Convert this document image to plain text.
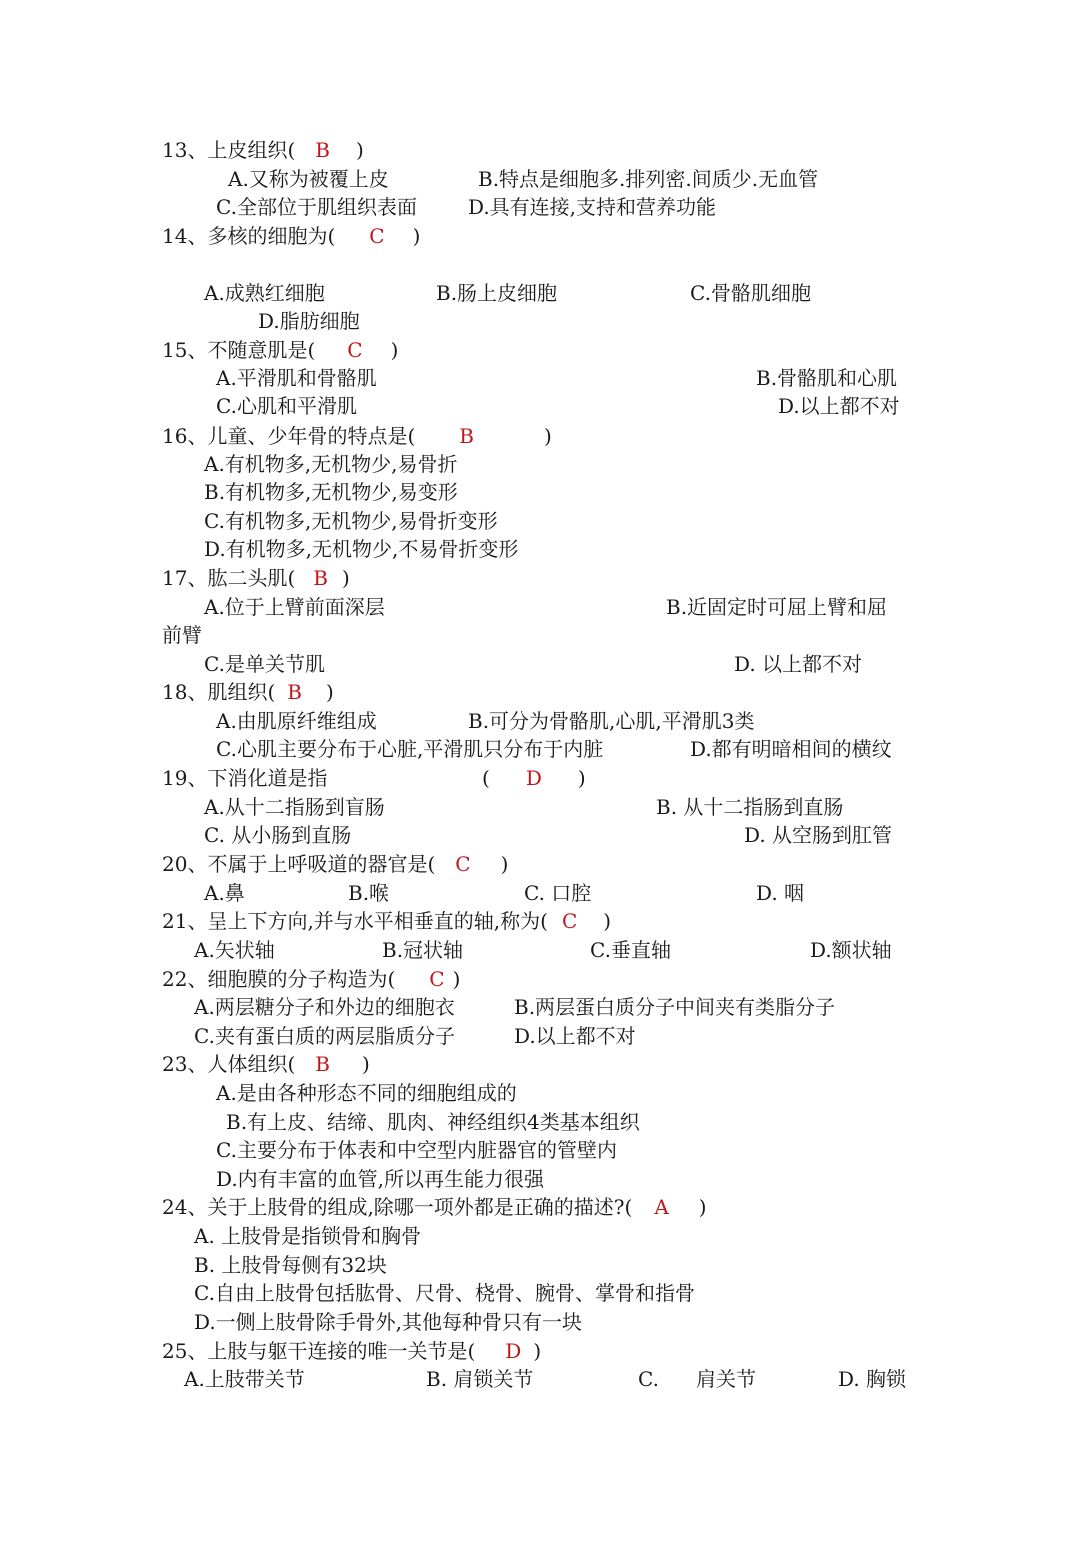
13、上皮组织( B )
A.又称为被覆上皮	B.特点是细胞多.排列密.间质少.无血管
C.全部位于肌组织表面	D.具有连接,支持和营养功能
14、多核的细胞为( C )
A.成熟红细胞	B.肠上皮细胞	C.骨骼肌细胞
D.脂肪细胞
15、不随意肌是( C )
A.平滑肌和骨骼肌	B.骨骼肌和心肌
C.心肌和平滑肌	D.以上都不对
16、儿童、少年骨的特点是( B	)
A.有机物多,无机物少,易骨折
B.有机物多,无机物少,易变形
C.有机物多,无机物少,易骨折变形
D.有机物多,无机物少,不易骨折变形
17、肱二头肌( B )
A.位于上臂前面深层	B.近固定时可屈上臂和屈
前臂
C.是单关节肌	D. 以上都不对
18、肌组织( B )
A.由肌原纤维组成	B.可分为骨骼肌,心肌,平滑肌3类
C.心肌主要分布于心脏,平滑肌只分布于内脏	D.都有明暗相间的横纹
19、下消化道是指	( D )
A.从十二指肠到盲肠	B. 从十二指肠到直肠
C. 从小肠到直肠	D. 从空肠到肛管
20、不属于上呼吸道的器官是( C )
A.鼻	B.喉	C. 口腔	D. 咽
21、呈上下方向,并与水平相垂直的轴,称为( C )
A.矢状轴	B.冠状轴	C.垂直轴	D.额状轴
22、细胞膜的分子构造为( C )
A.两层糖分子和外边的细胞衣	B.两层蛋白质分子中间夹有类脂分子
C.夹有蛋白质的两层脂质分子	D.以上都不对
23、人体组织( B )
A.是由各种形态不同的细胞组成的
B.有上皮、结缔、肌肉、神经组织4类基本组织
C.主要分布于体表和中空型内脏器官的管壁内
D.内有丰富的血管,所以再生能力很强
24、关于上肢骨的组成,除哪一项外都是正确的描述?( A )
A. 上肢骨是指锁骨和胸骨
B. 上肢骨每侧有32块
C.自由上肢骨包括肱骨、尺骨、桡骨、腕骨、掌骨和指骨
D.一侧上肢骨除手骨外,其他每种骨只有一块
25、上肢与躯干连接的唯一关节是( D )
A.上肢带关节	B. 肩锁关节	C. 肩关节	D. 胸锁
